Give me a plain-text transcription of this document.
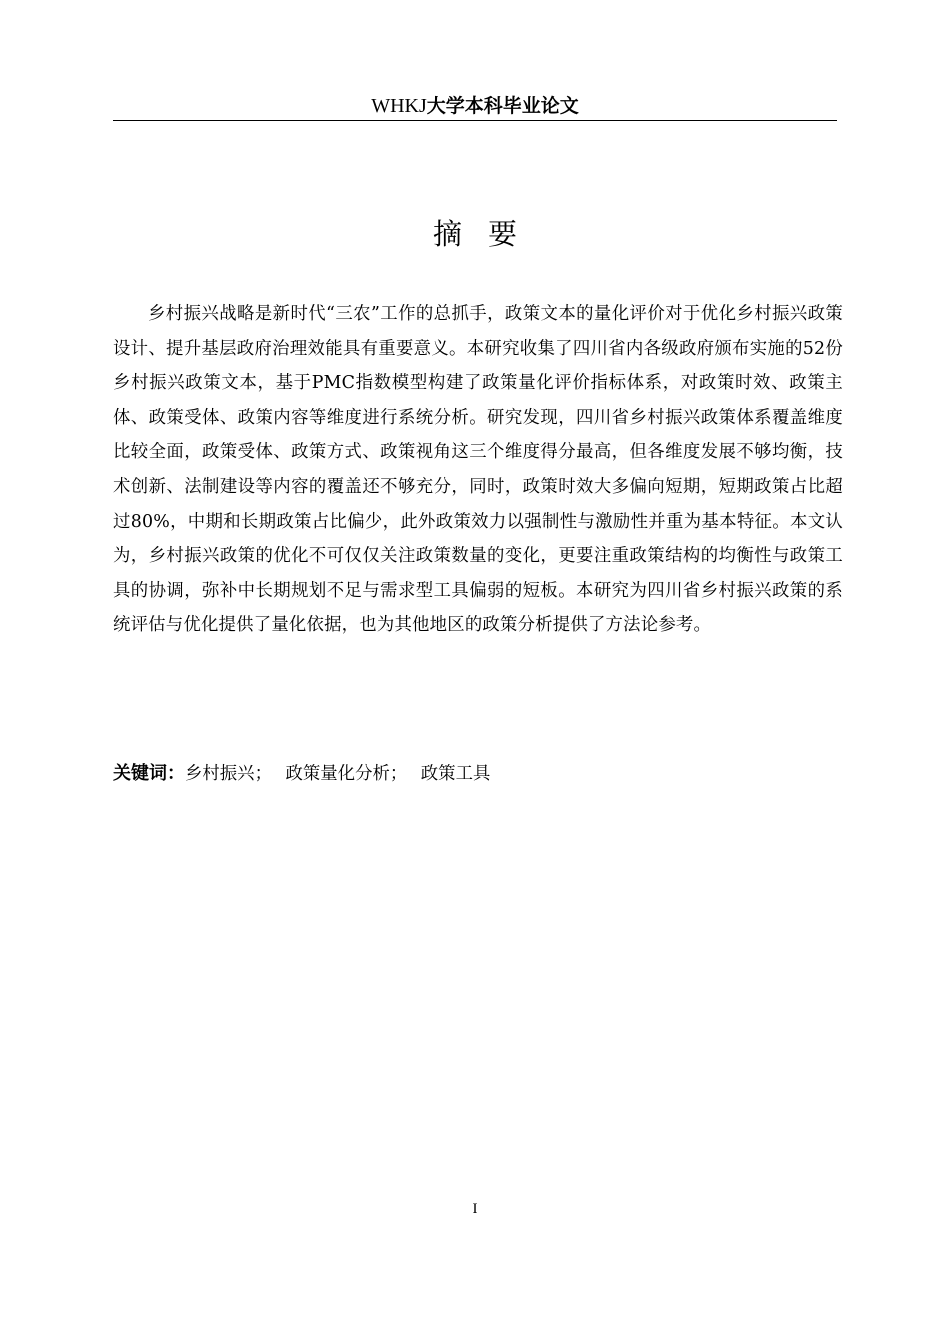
WHKJ大学本科毕业论文
摘要

乡村振兴战略是新时代“三农”工作的总抓手，政策文本的量化评价对于优化乡村振兴政策设计、提升基层政府治理效能具有重要意义。本研究收集了四川省内各级政府颁布实施的52份乡村振兴政策文本，基于PMC指数模型构建了政策量化评价指标体系，对政策时效、政策主体、政策受体、政策内容等维度进行系统分析。研究发现，四川省乡村振兴政策体系覆盖维度比较全面，政策受体、政策方式、政策视角这三个维度得分最高，但各维度发展不够均衡，技术创新、法制建设等内容的覆盖还不够充分，同时，政策时效大多偏向短期，短期政策占比超过80%，中期和长期政策占比偏少，此外政策效力以强制性与激励性并重为基本特征。本文认为，乡村振兴政策的优化不可仅仅关注政策数量的变化，更要注重政策结构的均衡性与政策工具的协调，弥补中长期规划不足与需求型工具偏弱的短板。本研究为四川省乡村振兴政策的系统评估与优化提供了量化依据，也为其他地区的政策分析提供了方法论参考。

关键词：乡村振兴； 政策量化分析； 政策工具
I
